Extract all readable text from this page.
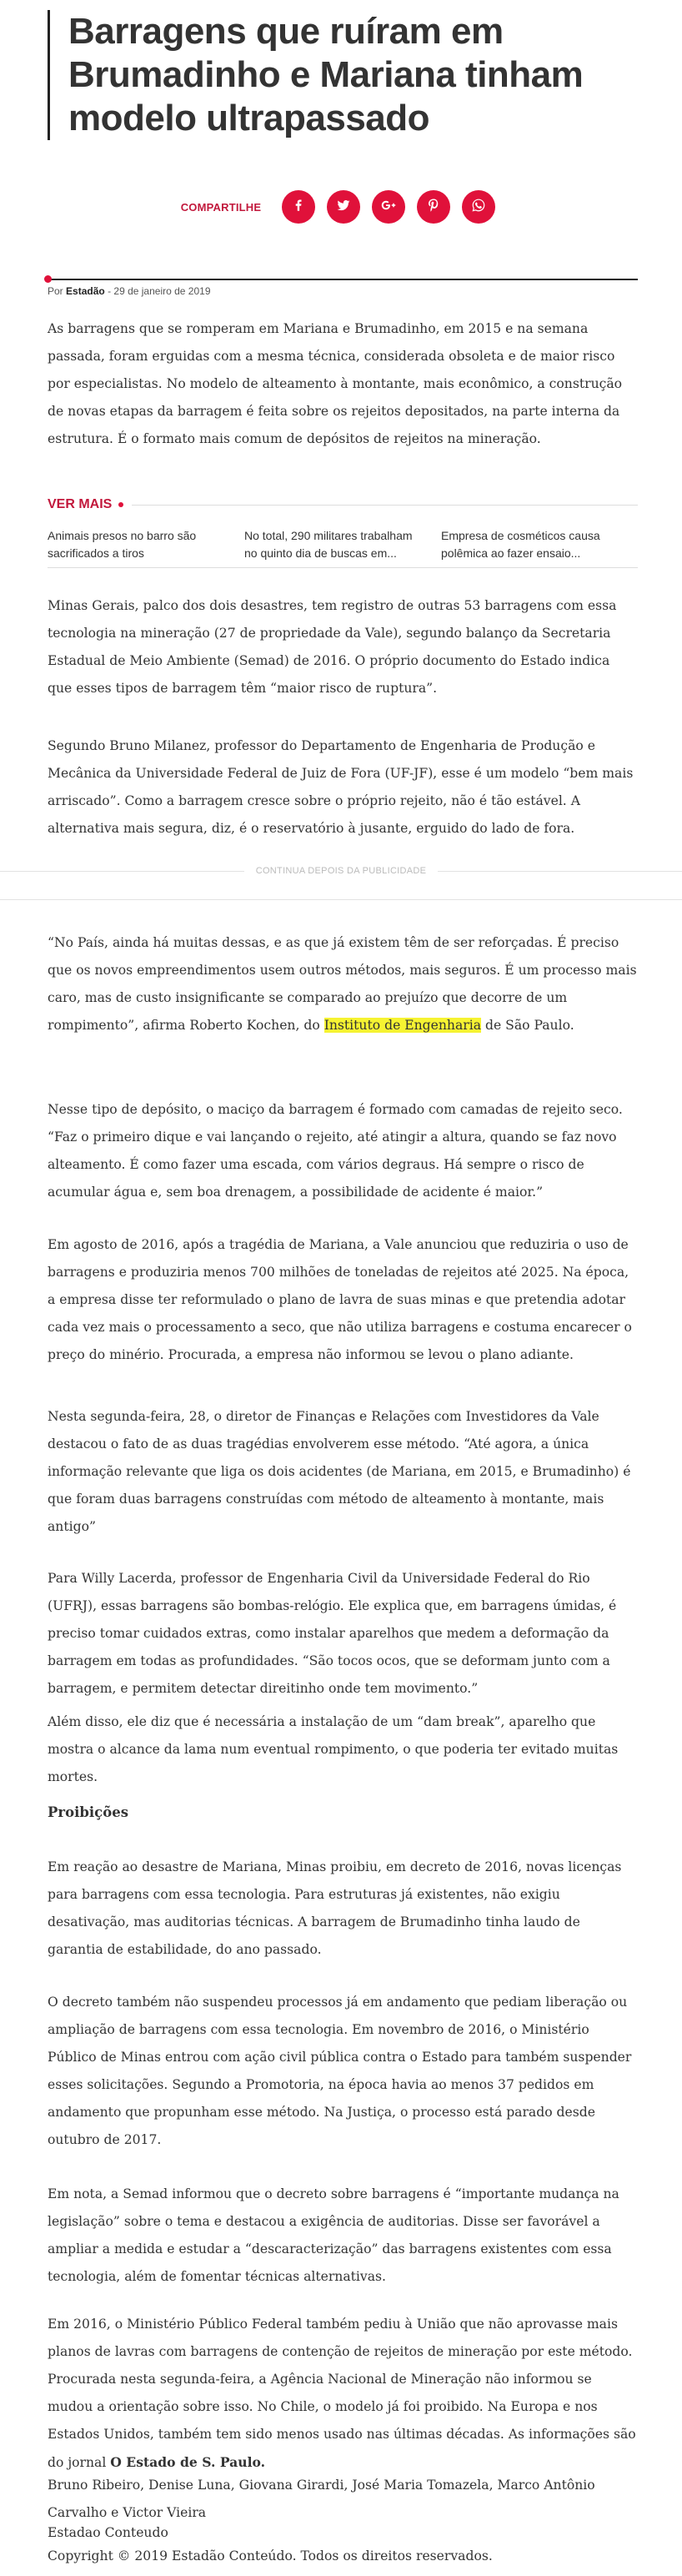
Barragens que ruíram em Brumadinho e Mariana tinham modelo ultrapassado
COMPARTILHE
Por Estadão - 29 de janeiro de 2019

As barragens que se romperam em Mariana e Brumadinho, em 2015 e na semana passada, foram erguidas com a mesma técnica, considerada obsoleta e de maior risco por especialistas. No modelo de alteamento à montante, mais econômico, a construção de novas etapas da barragem é feita sobre os rejeitos depositados, na parte interna da estrutura. É o formato mais comum de depósitos de rejeitos na mineração.

VER MAIS
Animais presos no barro são sacrificados a tiros
No total, 290 militares trabalham no quinto dia de buscas em...
Empresa de cosméticos causa polêmica ao fazer ensaio...

Minas Gerais, palco dos dois desastres, tem registro de outras 53 barragens com essa tecnologia na mineração (27 de propriedade da Vale), segundo balanço da Secretaria Estadual de Meio Ambiente (Semad) de 2016. O próprio documento do Estado indica que esses tipos de barragem têm “maior risco de ruptura”.

Segundo Bruno Milanez, professor do Departamento de Engenharia de Produção e Mecânica da Universidade Federal de Juiz de Fora (UF-JF), esse é um modelo “bem mais arriscado”. Como a barragem cresce sobre o próprio rejeito, não é tão estável. A alternativa mais segura, diz, é o reservatório à jusante, erguido do lado de fora.

CONTINUA DEPOIS DA PUBLICIDADE

“No País, ainda há muitas dessas, e as que já existem têm de ser reforçadas. É preciso que os novos empreendimentos usem outros métodos, mais seguros. É um processo mais caro, mas de custo insignificante se comparado ao prejuízo que decorre de um rompimento”, afirma Roberto Kochen, do Instituto de Engenharia de São Paulo.

Nesse tipo de depósito, o maciço da barragem é formado com camadas de rejeito seco. “Faz o primeiro dique e vai lançando o rejeito, até atingir a altura, quando se faz novo alteamento. É como fazer uma escada, com vários degraus. Há sempre o risco de acumular água e, sem boa drenagem, a possibilidade de acidente é maior.”

Em agosto de 2016, após a tragédia de Mariana, a Vale anunciou que reduziria o uso de barragens e produziria menos 700 milhões de toneladas de rejeitos até 2025. Na época, a empresa disse ter reformulado o plano de lavra de suas minas e que pretendia adotar cada vez mais o processamento a seco, que não utiliza barragens e costuma encarecer o preço do minério. Procurada, a empresa não informou se levou o plano adiante.

Nesta segunda-feira, 28, o diretor de Finanças e Relações com Investidores da Vale destacou o fato de as duas tragédias envolverem esse método. “Até agora, a única informação relevante que liga os dois acidentes (de Mariana, em 2015, e Brumadinho) é que foram duas barragens construídas com método de alteamento à montante, mais antigo”

Para Willy Lacerda, professor de Engenharia Civil da Universidade Federal do Rio (UFRJ), essas barragens são bombas-relógio. Ele explica que, em barragens úmidas, é preciso tomar cuidados extras, como instalar aparelhos que medem a deformação da barragem em todas as profundidades. “São tocos ocos, que se deformam junto com a barragem, e permitem detectar direitinho onde tem movimento.”

Além disso, ele diz que é necessária a instalação de um “dam break”, aparelho que mostra o alcance da lama num eventual rompimento, o que poderia ter evitado muitas mortes.

Proibições

Em reação ao desastre de Mariana, Minas proibiu, em decreto de 2016, novas licenças para barragens com essa tecnologia. Para estruturas já existentes, não exigiu desativação, mas auditorias técnicas. A barragem de Brumadinho tinha laudo de garantia de estabilidade, do ano passado.

O decreto também não suspendeu processos já em andamento que pediam liberação ou ampliação de barragens com essa tecnologia. Em novembro de 2016, o Ministério Público de Minas entrou com ação civil pública contra o Estado para também suspender esses solicitações. Segundo a Promotoria, na época havia ao menos 37 pedidos em andamento que propunham esse método. Na Justiça, o processo está parado desde outubro de 2017.

Em nota, a Semad informou que o decreto sobre barragens é “importante mudança na legislação” sobre o tema e destacou a exigência de auditorias. Disse ser favorável a ampliar a medida e estudar a “descaracterização” das barragens existentes com essa tecnologia, além de fomentar técnicas alternativas.

Em 2016, o Ministério Público Federal também pediu à União que não aprovasse mais planos de lavras com barragens de contenção de rejeitos de mineração por este método. Procurada nesta segunda-feira, a Agência Nacional de Mineração não informou se mudou a orientação sobre isso. No Chile, o modelo já foi proibido. Na Europa e nos Estados Unidos, também tem sido menos usado nas últimas décadas. As informações são do jornal O Estado de S. Paulo.

Bruno Ribeiro, Denise Luna, Giovana Girardi, José Maria Tomazela, Marco Antônio Carvalho e Victor Vieira

Estadao Conteudo

Copyright © 2019 Estadão Conteúdo. Todos os direitos reservados.
